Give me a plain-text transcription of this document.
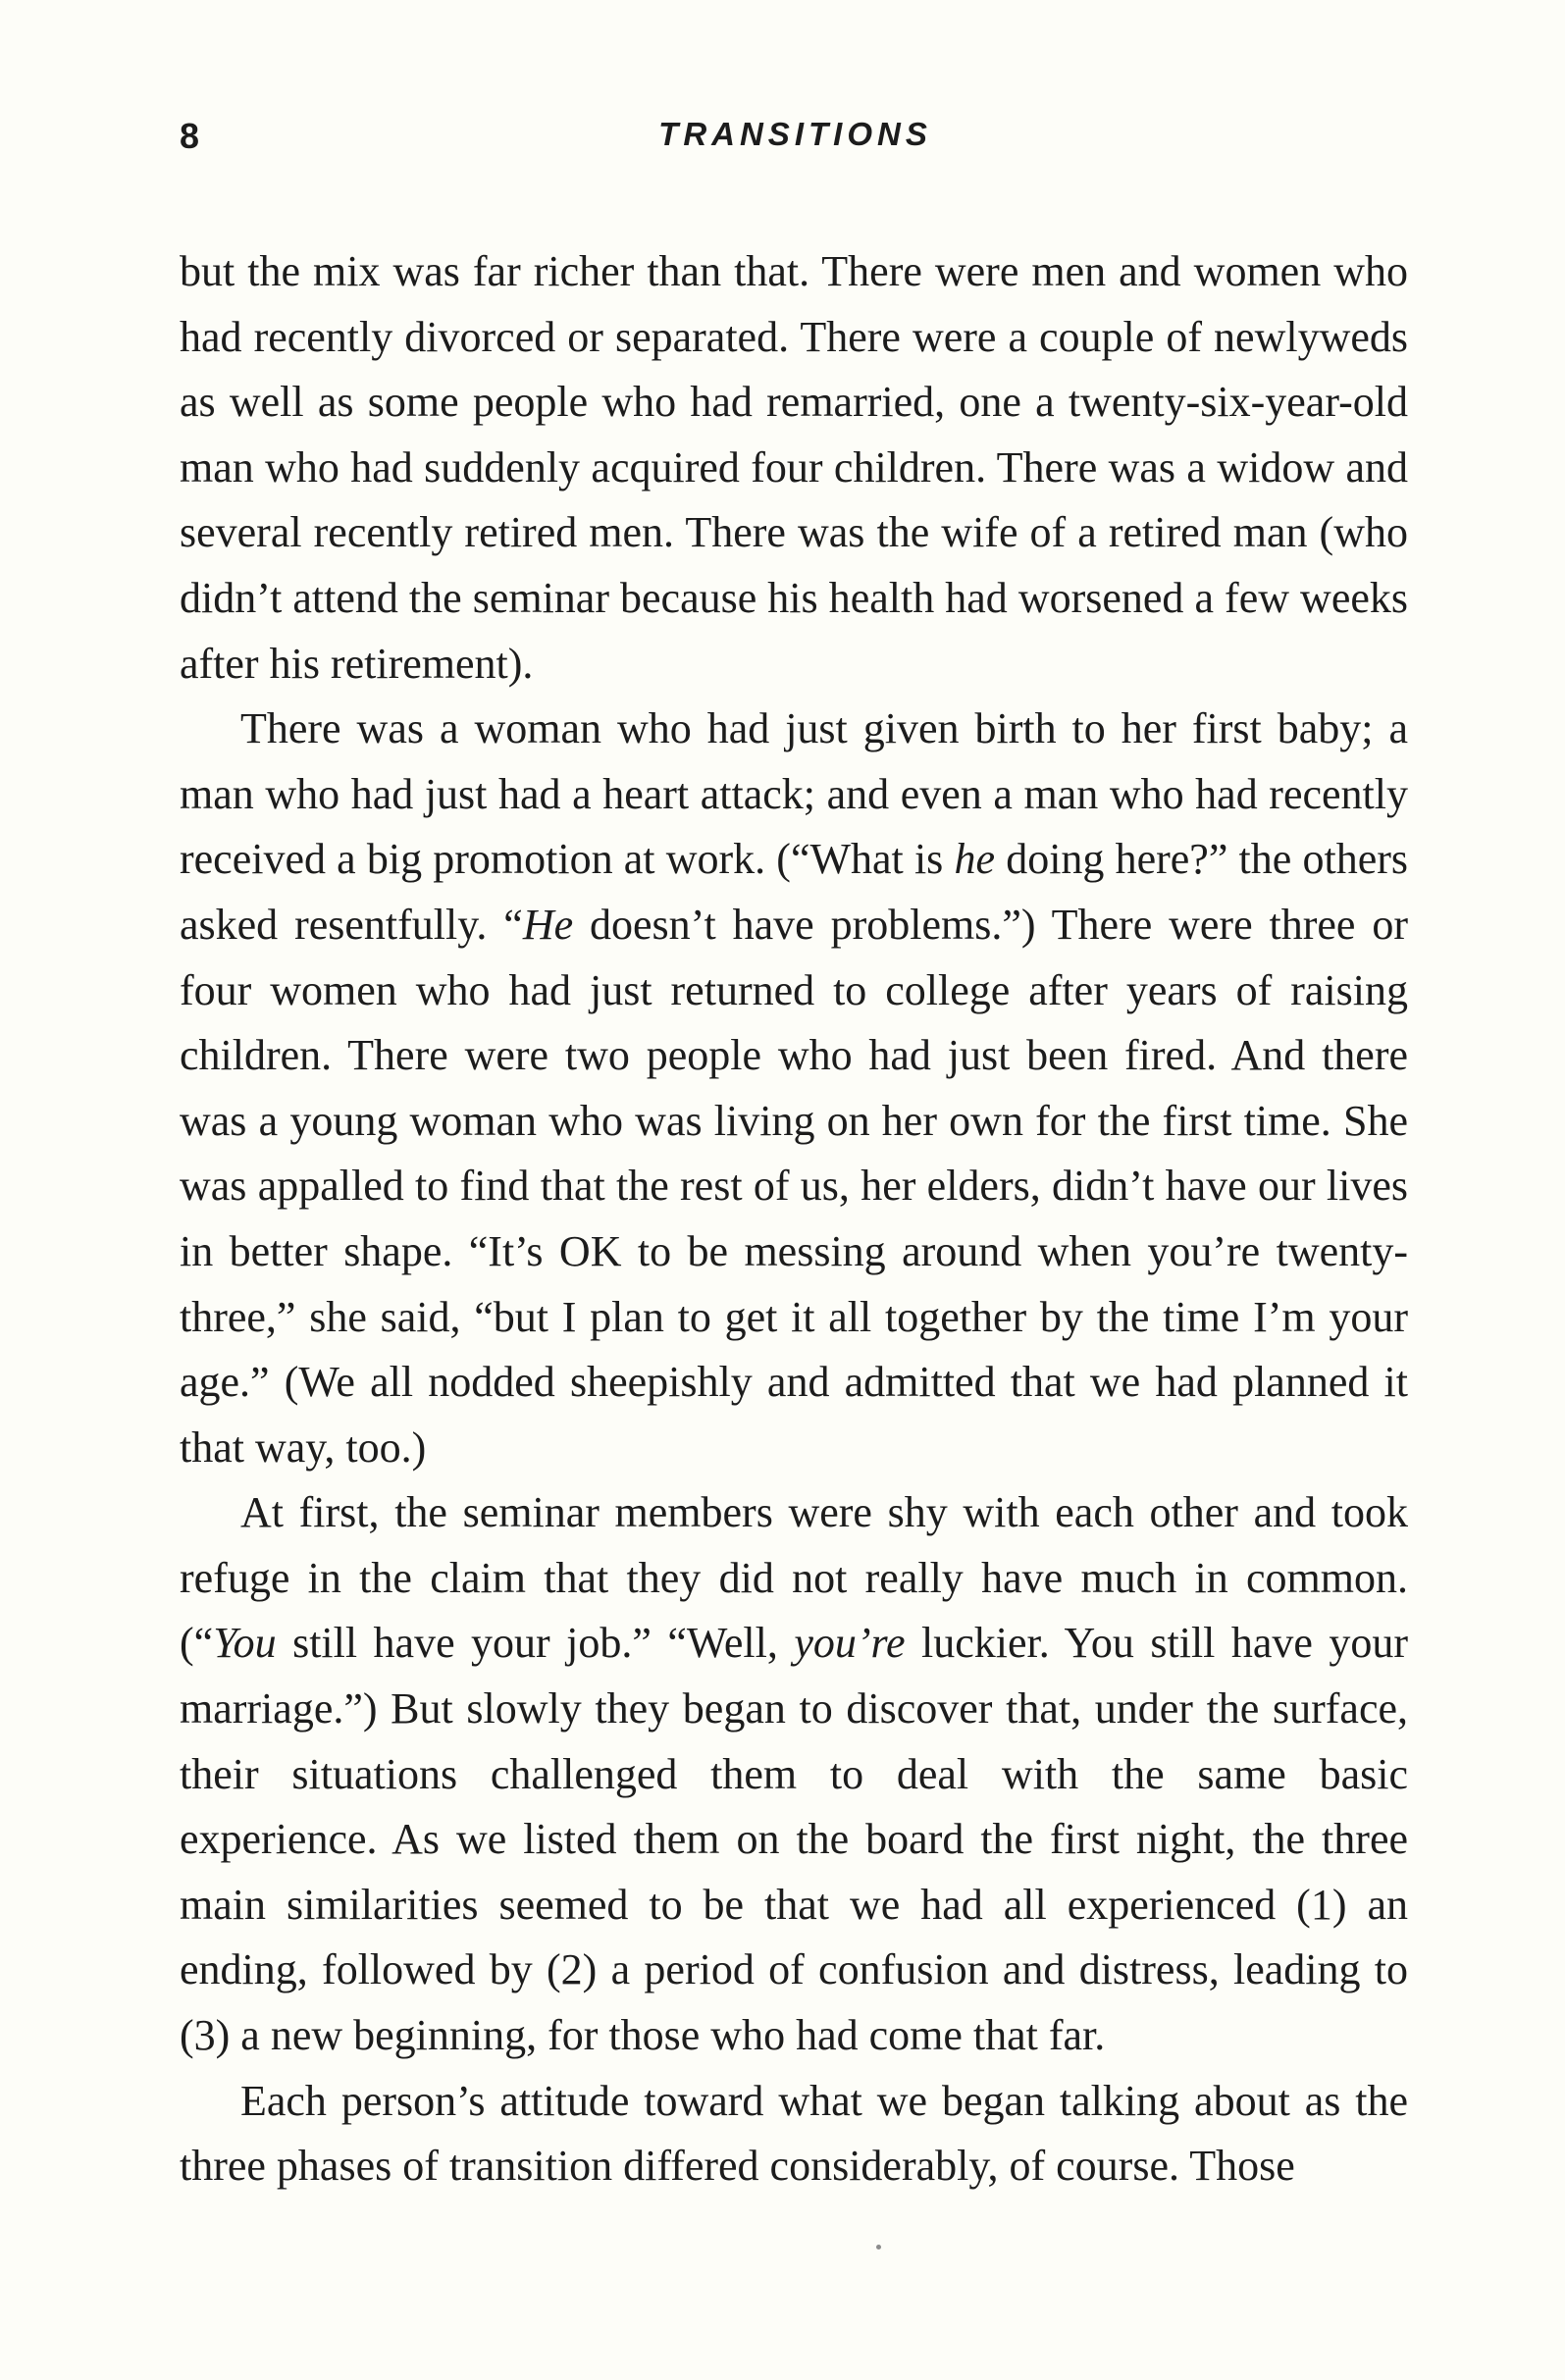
8	TRANSITIONS

but the mix was far richer than that. There were men and women who had recently divorced or separated. There were a couple of newlyweds as well as some people who had remarried, one a twenty-six-year-old man who had suddenly acquired four children. There was a widow and several recently retired men. There was the wife of a retired man (who didn’t attend the seminar because his health had worsened a few weeks after his retirement).

There was a woman who had just given birth to her first baby; a man who had just had a heart attack; and even a man who had recently received a big promotion at work. (“What is he doing here?” the others asked resentfully. “He doesn’t have problems.”) There were three or four women who had just returned to college after years of raising children. There were two people who had just been fired. And there was a young woman who was living on her own for the first time. She was appalled to find that the rest of us, her elders, didn’t have our lives in better shape. “It’s OK to be messing around when you’re twenty-three,” she said, “but I plan to get it all together by the time I’m your age.” (We all nodded sheepishly and admitted that we had planned it that way, too.)

At first, the seminar members were shy with each other and took refuge in the claim that they did not really have much in common. (“You still have your job.” “Well, you’re luckier. You still have your marriage.”) But slowly they began to discover that, under the surface, their situations challenged them to deal with the same basic experience. As we listed them on the board the first night, the three main similarities seemed to be that we had all experienced (1) an ending, followed by (2) a period of confusion and distress, leading to (3) a new beginning, for those who had come that far.

Each person’s attitude toward what we began talking about as the three phases of transition differed considerably, of course. Those
